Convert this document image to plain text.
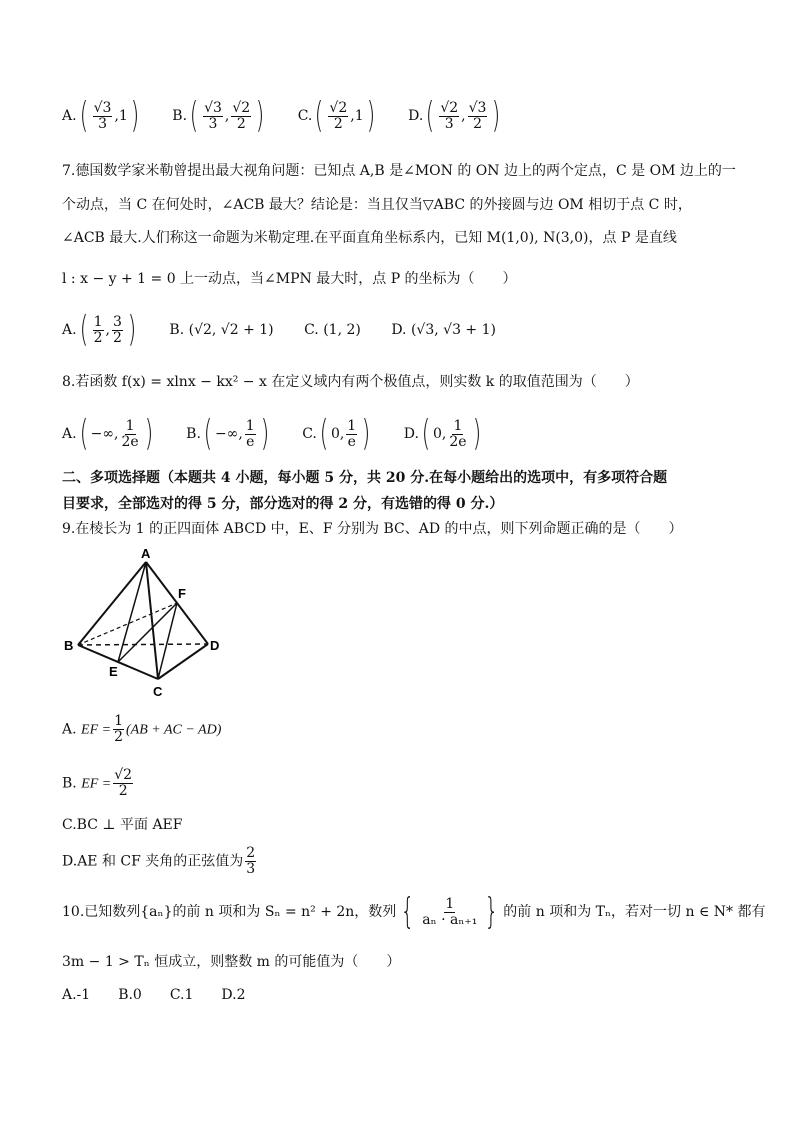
$A.( \frac{√3}{3} ,1)$ $B.( \frac{√3}{3}$ , $\frac{√2}{2}$ ) $C.( \frac{√2}{2} ,1)$ $D.( \frac{√2}{3}$ , $\frac{√3}{2}$ )
7.德国数学家米勒曾提出最大视角问题：已知点 A,B 是∠MON 的 ON 边上的两个定点，C 是 OM 边上的一
个动点，当 C 在何处时，∠ACB 最大？结论是：当且仅当▽ABC 的外接圆与边 OM 相切于点 C 时，
∠ACB 最大.人们称这一命题为米勒定理.在平面直角坐标系内，已知 M(1,0), N(3,0)，点 P 是直线
l : x − y + 1 = 0 上一动点，当∠MPN 最大时，点 P 的坐标为（　　）
$A.( \frac{1}{2}$ , $\frac{3}{2}$ ) B. (√2, √2 + 1) C. (1, 2) D. (√3, √3 + 1)
8.若函数 f(x) = xlnx − kx² − x 在定义域内有两个极值点，则实数 k 的取值范围为（　　）
A.( −∞, $\frac{1}{2e}$ ) B.( −∞, $\frac{1}{e}$ ) C.( 0, $\frac{1}{e}$ ) D.( 0, $\frac{1}{2e}$ )
二、多项选择题（本题共 4 小题，每小题 5 分，共 20 分.在每小题给出的选项中，有多项符合题
目要求，全部选对的得 5 分，部分选对的得 2 分，有选错的得 0 分.）
9.在棱长为 1 的正四面体 ABCD 中，E、F 分别为 BC、AD 的中点，则下列命题正确的是（　　）
A
B
C
D
E
F
A. EF = $\frac{1}{2} (AB$ + AC − AD)
B. EF = $\frac{√2}{2}$
C.BC ⊥ 平面 AEF
D.AE 和 CF 夹角的正弦值为 $\frac{2}{3}$
10.已知数列{aₙ}的前 n 项和为 Sₙ = n² + 2n，数列 { $\frac{1}{\text{aₙ · aₙ₊₁}}$ } 的前 n 项和为 Tₙ，若对一切 n ∈ N* 都有
3m − 1 > Tₙ 恒成立，则整数 m 的可能值为（　　）
A.-1　　B.0　　C.1　　D.2
